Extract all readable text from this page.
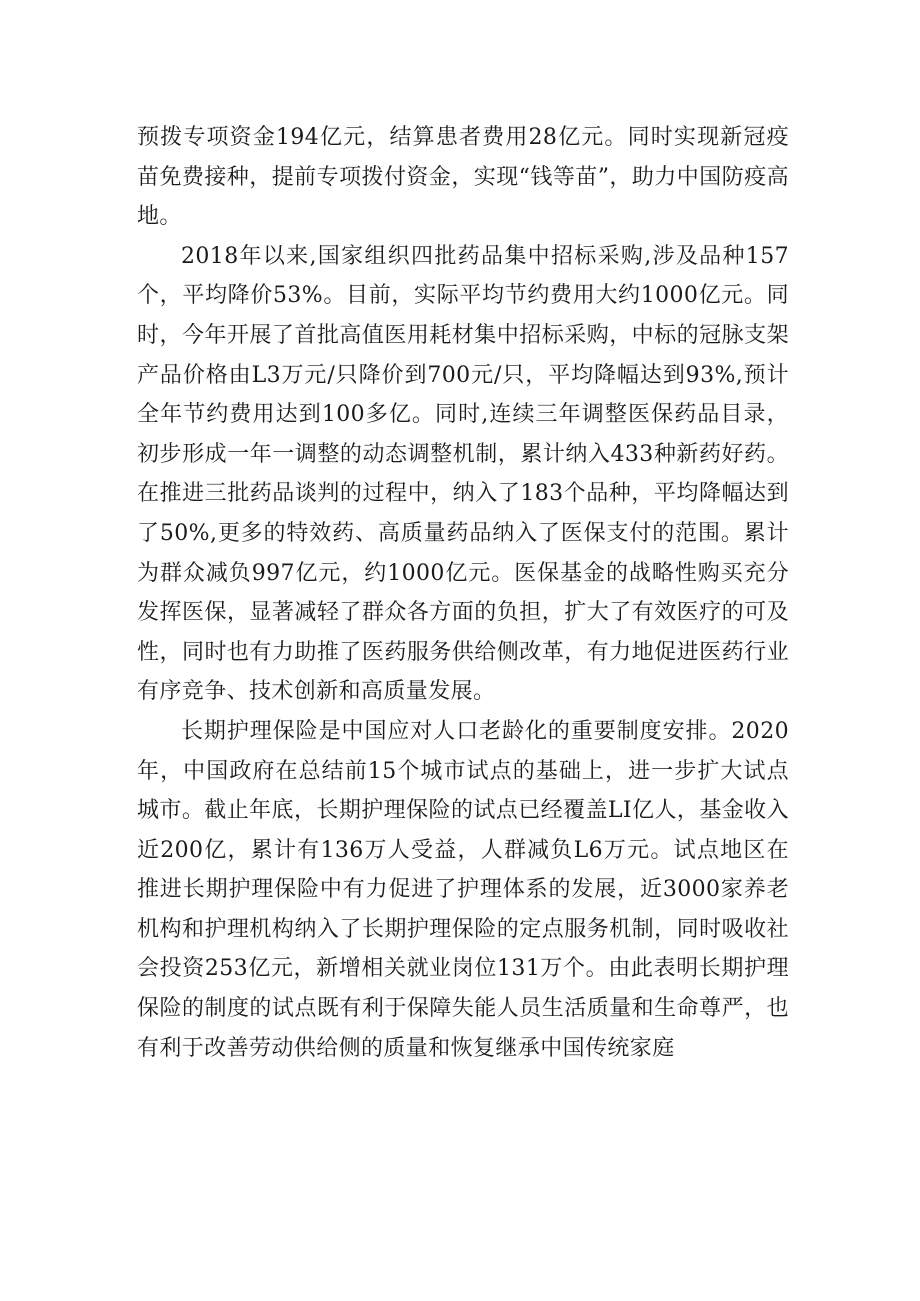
预拨专项资金194亿元，结算患者费用28亿元。同时实现新冠疫苗免费接种，提前专项拨付资金，实现“钱等苗”，助力中国防疫高地。

2018年以来,国家组织四批药品集中招标采购,涉及品种157个，平均降价53%。目前，实际平均节约费用大约1000亿元。同时，今年开展了首批高值医用耗材集中招标采购，中标的冠脉支架产品价格由L3万元/只降价到700元/只，平均降幅达到93%,预计全年节约费用达到100多亿。同时,连续三年调整医保药品目录，初步形成一年一调整的动态调整机制，累计纳入433种新药好药。在推进三批药品谈判的过程中，纳入了183个品种，平均降幅达到了50%,更多的特效药、高质量药品纳入了医保支付的范围。累计为群众减负997亿元，约1000亿元。医保基金的战略性购买充分发挥医保，显著减轻了群众各方面的负担，扩大了有效医疗的可及性，同时也有力助推了医药服务供给侧改革，有力地促进医药行业有序竞争、技术创新和高质量发展。

长期护理保险是中国应对人口老龄化的重要制度安排。2020年，中国政府在总结前15个城市试点的基础上，进一步扩大试点城市。截止年底，长期护理保险的试点已经覆盖LI亿人，基金收入近200亿，累计有136万人受益，人群减负L6万元。试点地区在推进长期护理保险中有力促进了护理体系的发展，近3000家养老机构和护理机构纳入了长期护理保险的定点服务机制，同时吸收社会投资253亿元，新增相关就业岗位131万个。由此表明长期护理保险的制度的试点既有利于保障失能人员生活质量和生命尊严，也有利于改善劳动供给侧的质量和恢复继承中国传统家庭
